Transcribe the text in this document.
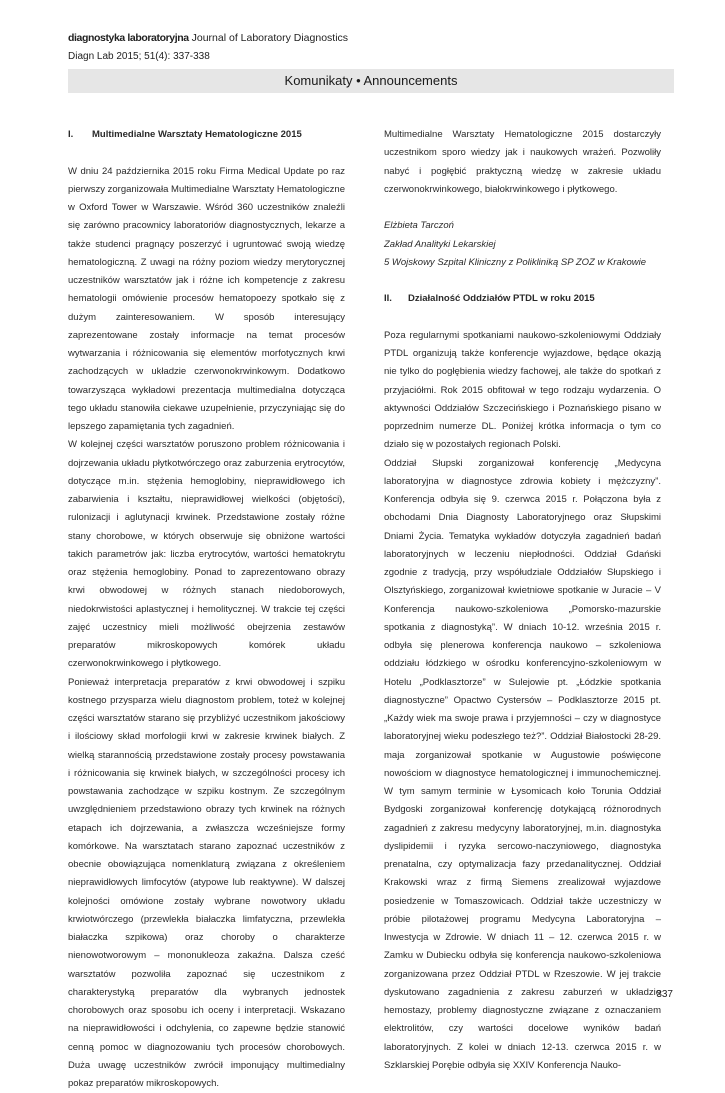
diagnostyka laboratoryjna Journal of Laboratory Diagnostics
Diagn Lab 2015; 51(4): 337-338
Komunikaty • Announcements
I.	Multimedialne Warsztaty Hematologiczne 2015

W dniu 24 października 2015 roku Firma Medical Update po raz pierwszy zorganizowała Multimedialne Warsztaty Hematologiczne w Oxford Tower w Warszawie. Wśród 360 uczestników znaleźli się zarówno pracownicy laboratoriów diagnostycznych, lekarze a także studenci pragnący poszerzyć i ugruntować swoją wiedzę hematologiczną. Z uwagi na różny poziom wiedzy merytorycznej uczestników warsztatów jak i różne ich kompetencje z zakresu hematologii omówienie procesów hematopoezy spotkało się z dużym zainteresowaniem. W sposób interesujący zaprezentowane zostały informacje na temat procesów wytwarzania i różnicowania się elementów morfotycznych krwi zachodzących w układzie czerwonokrwinkowym. Dodatkowo towarzysząca wykładowi prezentacja multimedialna dotycząca tego układu stanowiła ciekawe uzupełnienie, przyczyniając się do lepszego zapamiętania tych zagadnień.

W kolejnej części warsztatów poruszono problem różnicowania i dojrzewania układu płytkotwórczego oraz zaburzenia erytrocytów, dotyczące m.in. stężenia hemoglobiny, nieprawidłowego ich zabarwienia i kształtu, nieprawidłowej wielkości (objętości), rulonizacji i aglutynacji krwinek. Przedstawione zostały różne stany chorobowe, w których obserwuje się obniżone wartości takich parametrów jak: liczba erytrocytów, wartości hematokrytu oraz stężenia hemoglobiny. Ponad to zaprezentowano obrazy krwi obwodowej w różnych stanach niedoborowych, niedokrwistości aplastycznej i hemolitycznej. W trakcie tej części zajęć uczestnicy mieli możliwość obejrzenia zestawów preparatów mikroskopowych komórek układu czerwonokrwinkowego i płytkowego.

Ponieważ interpretacja preparatów z krwi obwodowej i szpiku kostnego przysparza wielu diagnostom problem, toteż w kolejnej części warsztatów starano się przybliżyć uczestnikom jakościowy i ilościowy skład morfologii krwi w zakresie krwinek białych. Z wielką starannością przedstawione zostały procesy powstawania i różnicowania się krwinek białych, w szczególności procesy ich powstawania zachodzące w szpiku kostnym. Ze szczególnym uwzględnieniem przedstawiono obrazy tych krwinek na różnych etapach ich dojrzewania, a zwłaszcza wcześniejsze formy komórkowe. Na warsztatach starano zapoznać uczestników z obecnie obowiązująca nomenklaturą związana z określeniem nieprawidłowych limfocytów (atypowe lub reaktywne). W dalszej kolejności omówione zostały wybrane nowotwory układu krwiotwórczego (przewlekła białaczka limfatyczna, przewlekła białaczka szpikowa) oraz choroby o charakterze nienowotworowym – mononukleoza zakaźna. Dalsza cześć warsztatów pozwoliła zapoznać się uczestnikom z charakterystyką preparatów dla wybranych jednostek chorobowych oraz sposobu ich oceny i interpretacji. Wskazano na nieprawidłowości i odchylenia, co zapewne będzie stanowić cenną pomoc w diagnozowaniu tych procesów chorobowych. Duża uwagę uczestników zwrócił imponujący multimedialny pokaz preparatów mikroskopowych.

Multimedialne Warsztaty Hematologiczne 2015 dostarczyły uczestnikom sporo wiedzy jak i naukowych wrażeń. Pozwoliły nabyć i pogłębić praktyczną wiedzę w zakresie układu czerwonokrwinkowego, białokrwinkowego i płytkowego.

Elżbieta Tarczoń

Zakład Analityki Lekarskiej

5 Wojskowy Szpital Kliniczny z Polikliniką SP ZOZ w Krakowie

II.	Działalność Oddziałów PTDL w roku 2015

Poza regularnymi spotkaniami naukowo-szkoleniowymi Oddziały PTDL organizują także konferencje wyjazdowe, będące okazją nie tylko do pogłębienia wiedzy fachowej, ale także do spotkań z przyjaciółmi. Rok 2015 obfitował w tego rodzaju wydarzenia. O aktywności Oddziałów Szczecińskiego i Poznańskiego pisano w poprzednim numerze DL. Poniżej krótka informacja o tym co działo się w pozostałych regionach Polski.

Oddział Słupski zorganizował konferencję „Medycyna laboratoryjna w diagnostyce zdrowia kobiety i mężczyzny”. Konferencja odbyła się 9. czerwca 2015 r. Połączona była z obchodami Dnia Diagnosty Laboratoryjnego oraz Słupskimi Dniami Życia. Tematyka wykładów dotyczyła zagadnień badań laboratoryjnych w leczeniu niepłodności. Oddział Gdański zgodnie z tradycją, przy współudziale Oddziałów Słupskiego i Olsztyńskiego, zorganizował kwietniowe spotkanie w Juracie – V Konferencja naukowo-szkoleniowa „Pomorsko-mazurskie spotkania z diagnostyką”. W dniach 10-12. września 2015 r. odbyła się plenerowa konferencja naukowo – szkoleniowa oddziału łódzkiego w ośrodku konferencyjno-szkoleniowym w Hotelu „Podklasztorze” w Sulejowie pt. „Łódzkie spotkania diagnostyczne” Opactwo Cystersów – Podklasztorze 2015 pt. „Każdy wiek ma swoje prawa i przyjemności – czy w diagnostyce laboratoryjnej wieku podeszłego też?”. Oddział Białostocki 28-29. maja zorganizował spotkanie w Augustowie poświęcone nowościom w diagnostyce hematologicznej i immunochemicznej. W tym samym terminie w Łysomicach koło Torunia Oddział Bydgoski zorganizował konferencję dotykającą różnorodnych zagadnień z zakresu medycyny laboratoryjnej, m.in. diagnostyka dyslipidemii i ryzyka sercowo-naczyniowego, diagnostyka prenatalna, czy optymalizacja fazy przedanalitycznej. Oddział Krakowski wraz z firmą Siemens zrealizował wyjazdowe posiedzenie w Tomaszowicach. Oddział także uczestniczy w próbie pilotażowej programu Medycyna Laboratoryjna – Inwestycja w Zdrowie. W dniach 11 – 12. czerwca 2015 r. w Zamku w Dubiecku odbyła się konferencja naukowo-szkoleniowa zorganizowana przez Oddział PTDL w Rzeszowie. W jej trakcie dyskutowano zagadnienia z zakresu zaburzeń w układzie hemostazy, problemy diagnostyczne związane z oznaczaniem elektrolitów, czy wartości docelowe wyników badań laboratoryjnych. Z kolei w dniach 12-13. czerwca 2015 r. w Szklarskiej Porębie odbyła się XXIV Konferencja Nauko-

337
